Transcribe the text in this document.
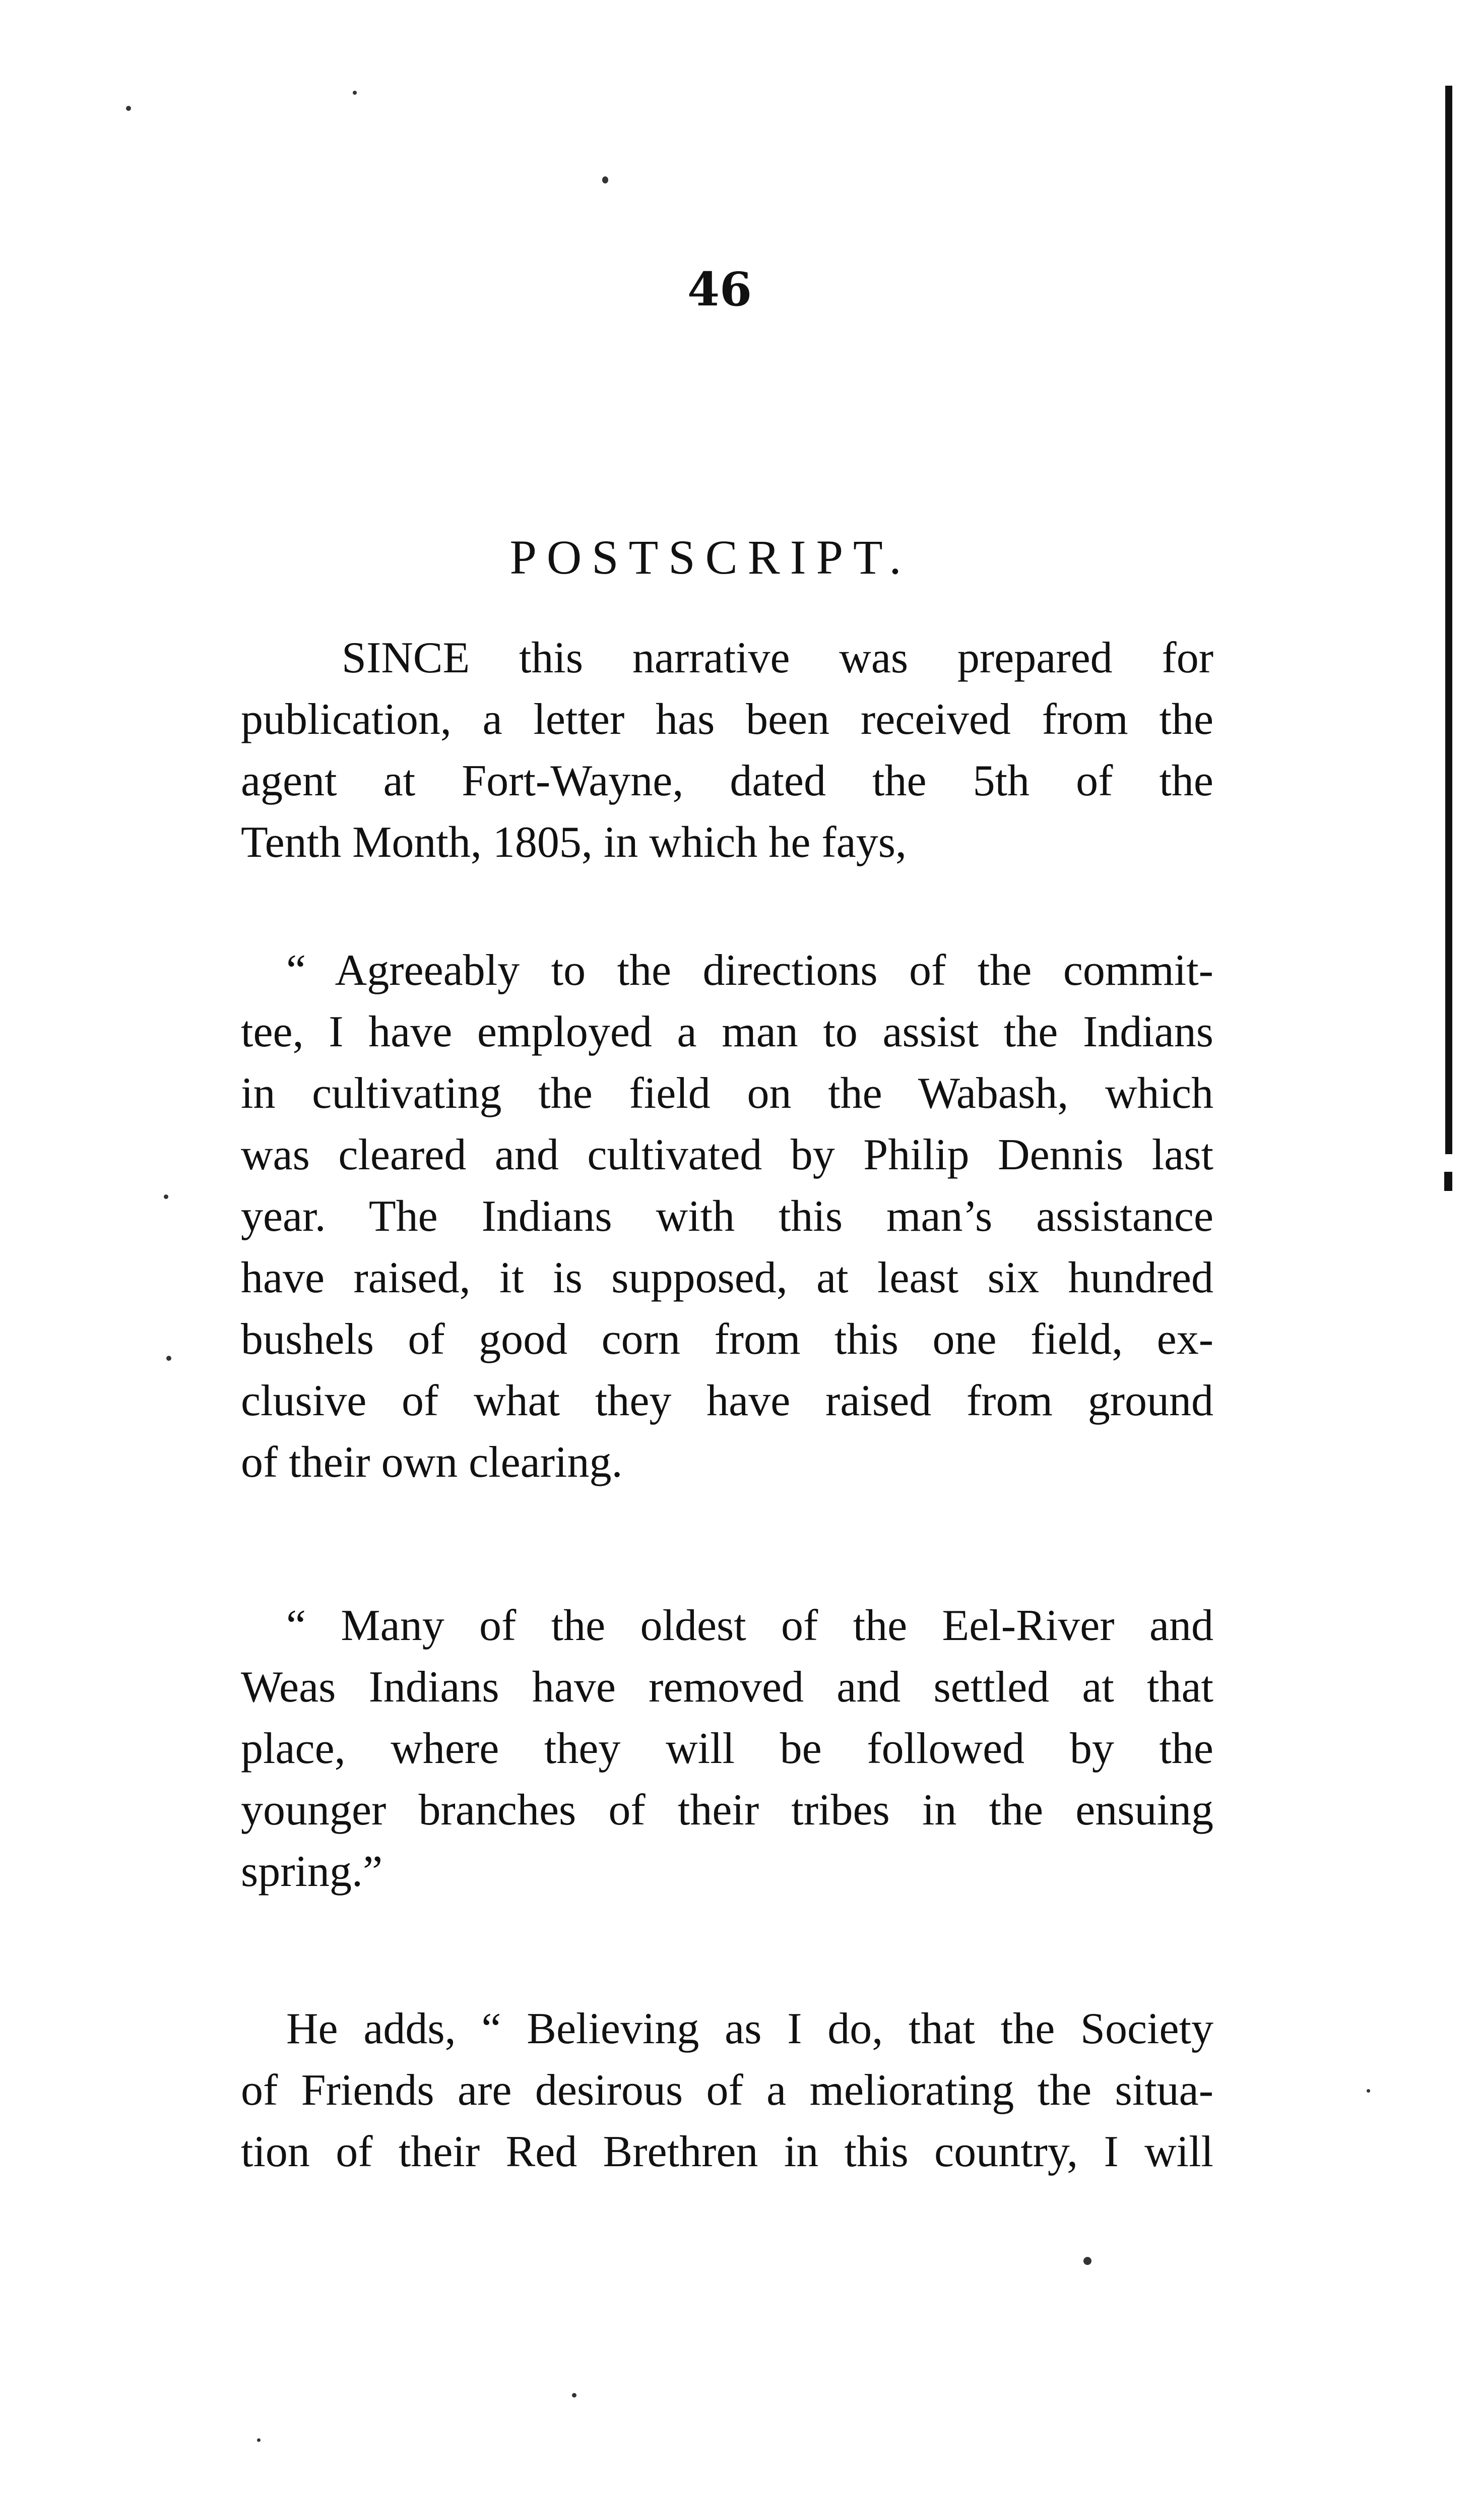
46
POSTSCRIPT.
SINCE this narrative was prepared for
publication, a letter has been received from the
agent at Fort-Wayne, dated the 5th of the
Tenth Month, 1805, in which he fays,
“ Agreeably to the directions of the commit-
tee, I have employed a man to assist the Indians
in cultivating the field on the Wabash, which
was cleared and cultivated by Philip Dennis last
year. The Indians with this man’s assistance
have raised, it is supposed, at least six hundred
bushels of good corn from this one field, ex-
clusive of what they have raised from ground
of their own clearing.
“ Many of the oldest of the Eel-River and
Weas Indians have removed and settled at that
place, where they will be followed by the
younger branches of their tribes in the ensuing
spring.”
He adds, “ Believing as I do, that the Society
of Friends are desirous of a meliorating the situa-
tion of their Red Brethren in this country, I will
